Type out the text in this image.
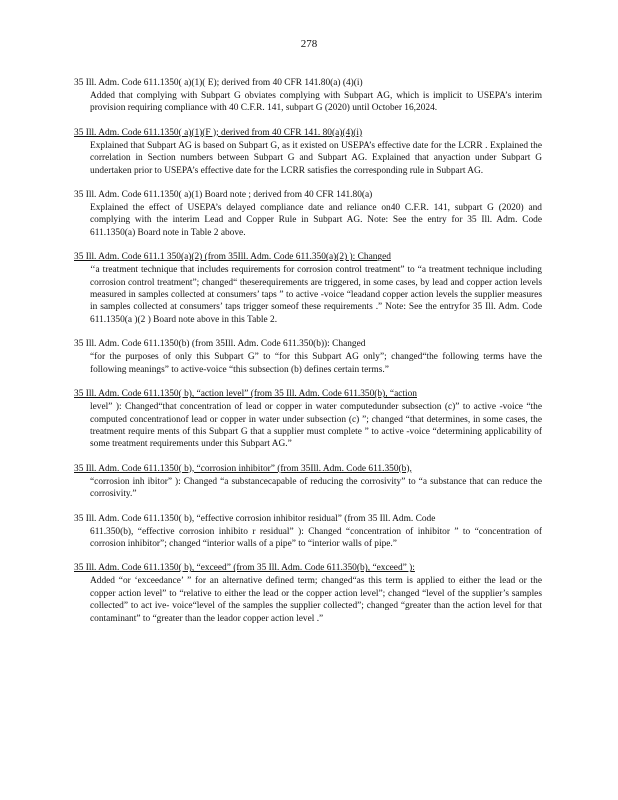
278
35 Ill. Adm. Code 611.1350( a)(1)( E); derived from 40 CFR 141.80(a) (4)(i)

Added that complying with Subpart G obviates complying with Subpart AG, which is implicit to USEPA’s interim provision requiring compliance with 40 C.F.R. 141, subpart G (2020) until October 16,2024.

35 Ill. Adm. Code 611.1350( a)(1)(F ); derived from 40 CFR 141. 80(a)(4)(i)

Explained that Subpart AG is based on Subpart G, as it existed on USEPA’s effective date for the LCRR . Explained the correlation in Section numbers between Subpart G and Subpart AG. Explained that anyaction under Subpart G undertaken prior to USEPA’s effective date for the LCRR satisfies the corresponding rule in Subpart AG.

35 Ill. Adm. Code 611.1350( a)(1) Board note ; derived from 40 CFR 141.80(a)

Explained the effect of USEPA’s delayed compliance date and reliance on40 C.F.R. 141, subpart G (2020) and complying with the interim Lead and Copper Rule in Subpart AG. Note: See the entry for 35 Ill. Adm. Code 611.1350(a) Board note in Table 2 above.

35 Ill. Adm. Code 611.1 350(a)(2) (from 35Ill. Adm. Code 611.350(a)(2) ): Changed

‘‘a treatment technique that includes requirements for corrosion control treatment” to “a treatment technique including corrosion control treatment”; changed“ theserequirements are triggered, in some cases, by lead and copper action levels measured in samples collected at consumers’ taps ” to active -voice “leadand copper action levels the supplier measures in samples collected at consumers’ taps trigger someof these requirements .” Note: See the entryfor 35 Ill. Adm. Code 611.1350(a )(2 ) Board note above in this Table 2.

35 Ill. Adm. Code 611.1350(b) (from 35Ill. Adm. Code 611.350(b)): Changed

“for the purposes of only this Subpart G” to “for this Subpart AG only”; changed“the following terms have the following meanings” to active-voice “this subsection (b) defines certain terms.”

35 Ill. Adm. Code 611.1350( b), “action level” (from 35 Ill. Adm. Code 611.350(b), “action

level” ): Changed“that concentration of lead or copper in water computedunder subsection (c)” to active -voice “the computed concentrationof lead or copper in water under subsection (c) ”; changed “that determines, in some cases, the treatment require ments of this Subpart G that a supplier must complete ” to active -voice “determining applicability of some treatment requirements under this Subpart AG.”

35 Ill. Adm. Code 611.1350( b), “corrosion inhibitor” (from 35Ill. Adm. Code 611.350(b),

“corrosion inh ibitor” ): Changed “a substancecapable of reducing the corrosivity” to “a substance that can reduce the corrosivity.”

35 Ill. Adm. Code 611.1350( b), “effective corrosion inhibitor residual” (from 35 Ill. Adm. Code

611.350(b), “effective corrosion inhibito r residual” ): Changed “concentration of inhibitor ” to “concentration of corrosion inhibitor”; changed “interior walls of a pipe” to “interior walls of pipe.”

35 Ill. Adm. Code 611.1350( b), “exceed” (from 35 Ill. Adm. Code 611.350(b), “exceed” ):

Added “or ‘exceedance’ ” for an alternative defined term; changed“as this term is applied to either the lead or the copper action level” to “relative to either the lead or the copper action level”; changed “level of the supplier’s samples collected” to act ive- voice“level of the samples the supplier collected”; changed “greater than the action level for that contaminant” to “greater than the leador copper action level .”
